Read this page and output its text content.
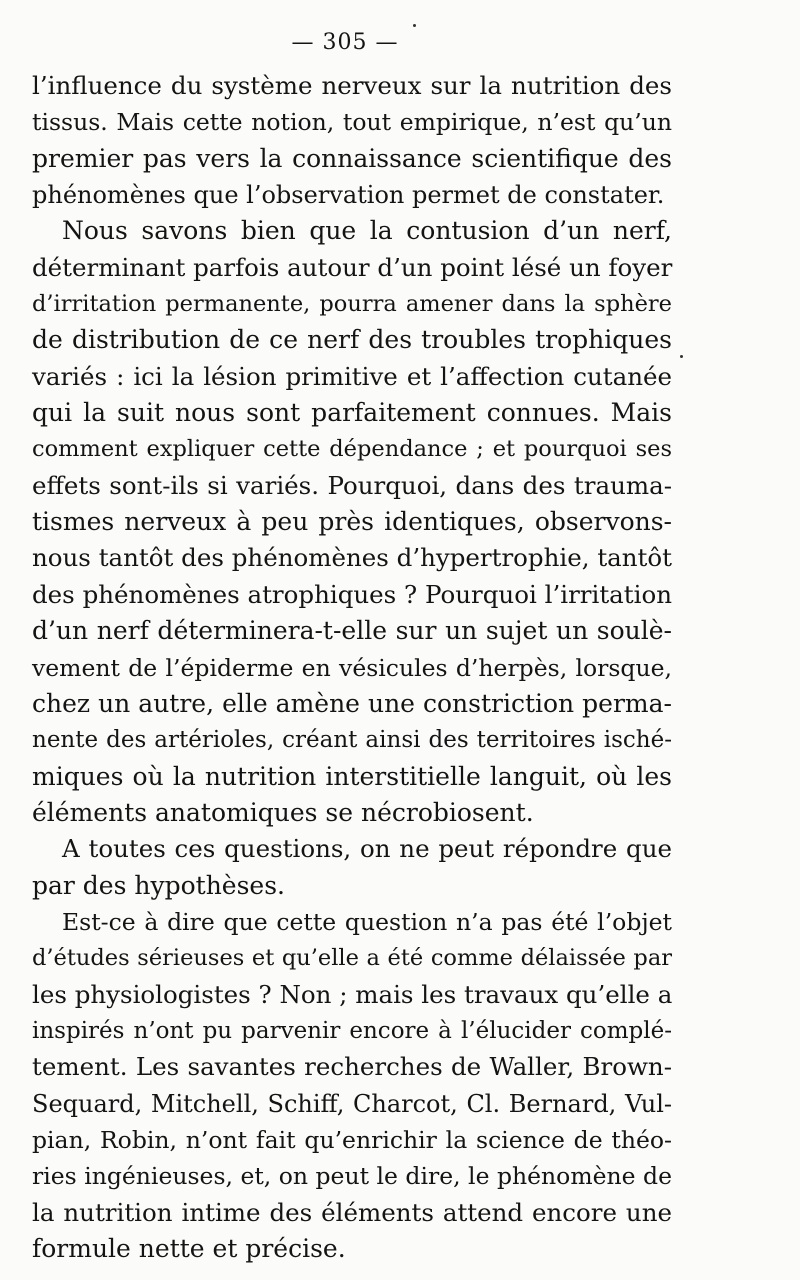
— 305 —
l’influence du système nerveux sur la nutrition des
tissus. Mais cette notion, tout empirique, n’est qu’un
premier pas vers la connaissance scientifique des
phénomènes que l’observation permet de constater.
Nous savons bien que la contusion d’un nerf,
déterminant parfois autour d’un point lésé un foyer
d’irritation permanente, pourra amener dans la sphère
de distribution de ce nerf des troubles trophiques
variés : ici la lésion primitive et l’affection cutanée
qui la suit nous sont parfaitement connues. Mais
comment expliquer cette dépendance ; et pourquoi ses
effets sont-ils si variés. Pourquoi, dans des trauma-
tismes nerveux à peu près identiques, observons-
nous tantôt des phénomènes d’hypertrophie, tantôt
des phénomènes atrophiques ? Pourquoi l’irritation
d’un nerf déterminera-t-elle sur un sujet un soulè-
vement de l’épiderme en vésicules d’herpès, lorsque,
chez un autre, elle amène une constriction perma-
nente des artérioles, créant ainsi des territoires isché-
miques où la nutrition interstitielle languit, où les
éléments anatomiques se nécrobiosent.
A toutes ces questions, on ne peut répondre que
par des hypothèses.
Est-ce à dire que cette question n’a pas été l’objet
d’études sérieuses et qu’elle a été comme délaissée par
les physiologistes ? Non ; mais les travaux qu’elle a
inspirés n’ont pu parvenir encore à l’élucider complé-
tement. Les savantes recherches de Waller, Brown-
Sequard, Mitchell, Schiff, Charcot, Cl. Bernard, Vul-
pian, Robin, n’ont fait qu’enrichir la science de théo-
ries ingénieuses, et, on peut le dire, le phénomène de
la nutrition intime des éléments attend encore une
formule nette et précise.
